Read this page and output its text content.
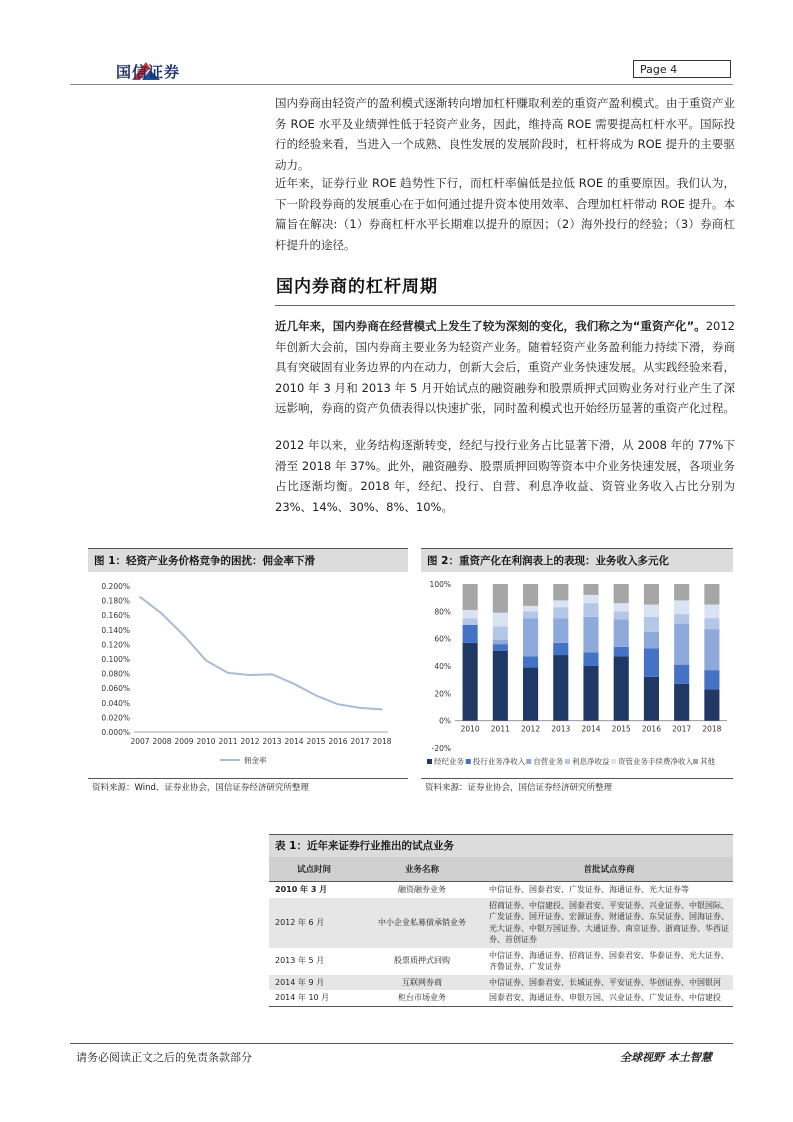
国信证券	Page 4
国内券商由轻资产的盈利模式逐渐转向增加杠杆赚取利差的重资产盈利模式。由于重资产业务 ROE 水平及业绩弹性低于轻资产业务，因此，维持高 ROE 需要提高杠杆水平。国际投行的经验来看，当进入一个成熟、良性发展的发展阶段时，杠杆将成为 ROE 提升的主要驱动力。
近年来，证券行业 ROE 趋势性下行，而杠杆率偏低是拉低 ROE 的重要原因。我们认为，下一阶段券商的发展重心在于如何通过提升资本使用效率、合理加杠杆带动 ROE 提升。本篇旨在解决:（1）券商杠杆水平长期难以提升的原因；（2）海外投行的经验；（3）券商杠杆提升的途径。
国内券商的杠杆周期
近几年来，国内券商在经营模式上发生了较为深刻的变化，我们称之为“重资产化”。2012 年创新大会前，国内券商主要业务为轻资产业务。随着轻资产业务盈利能力持续下滑，券商具有突破固有业务边界的内在动力，创新大会后，重资产业务快速发展。从实践经验来看，2010 年 3 月和 2013 年 5 月开始试点的融资融券和股票质押式回购业务对行业产生了深远影响，券商的资产负债表得以快速扩张，同时盈利模式也开始经历显著的重资产化过程。
2012 年以来，业务结构逐渐转变，经纪与投行业务占比显著下滑，从 2008 年的 77%下滑至 2018 年 37%。此外，融资融券、股票质押回购等资本中介业务快速发展，各项业务占比逐渐均衡。2018 年，经纪、投行、自营、利息净收益、资管业务收入占比分别为 23%、14%、30%、8%、10%。
图 1：轻资产业务价格竞争的困扰：佣金率下滑
0.000%
0.020%
0.040%
0.060%
0.080%
0.100%
0.120%
0.140%
0.160%
0.180%
0.200%
2007 2008 2009 2010 2011 2012 2013 2014 2015 2016 2017 2018
佣金率
资料来源：Wind、证券业协会，国信证券经济研究所整理
图 2：重资产化在利润表上的表现：业务收入多元化
-20%
0%
20%
40%
60%
80%
100%
2010 2011 2012 2013 2014 2015 2016 2017 2018
经纪业务 投行业务净收入 自营业务 利息净收益 资管业务手续费净收入 其他
资料来源：证券业协会，国信证券经济研究所整理
表 1：近年来证券行业推出的试点业务
试点时间	业务名称	首批试点券商
2010 年 3 月	融资融券业务	中信证券、国泰君安、广发证券、海通证券、光大证券等
2012 年 6 月	中小企业私募债承销业务	招商证券、中信建投、国泰君安、平安证券、兴业证券、中银国际、广发证券、国开证券、宏源证券、财通证券、东吴证券、国海证券、光大证券、中银万国证券、大通证券、南京证券、浙商证券、华西证券、首创证券
2013 年 5 月	股票质押式回购	中信证券、海通证券、招商证券、国泰君安、华泰证券、光大证券、齐鲁证券、广发证券
2014 年 9 月	互联网券商	中信证券、国泰君安、长城证券、平安证券、华创证券、中国银河
2014 年 10 月	柜台市场业务	国泰君安、海通证券、申银万国、兴业证券、广发证券、中信建投
请务必阅读正文之后的免责条款部分	全球视野 本土智慧
